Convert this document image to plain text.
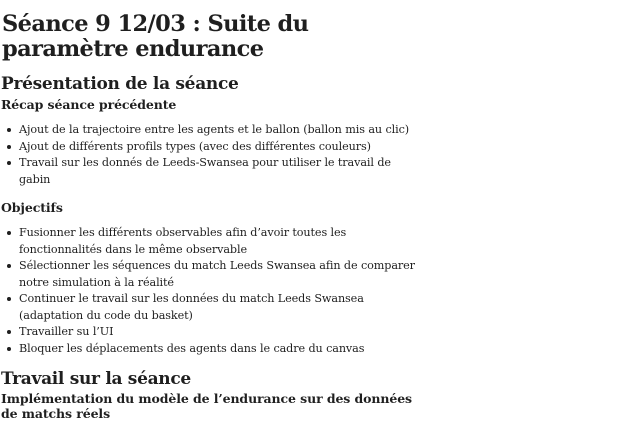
Séance 9 12/03 : Suite du paramètre endurance
Présentation de la séance
Récap séance précédente
Ajout de la trajectoire entre les agents et le ballon (ballon mis au clic)
Ajout de différents profils types (avec des différentes couleurs)
Travail sur les donnés de Leeds-Swansea pour utiliser le travail de gabin
Objectifs
Fusionner les différents observables afin d’avoir toutes les fonctionnalités dans le même observable
Sélectionner les séquences du match Leeds Swansea afin de comparer notre simulation à la réalité
Continuer le travail sur les données du match Leeds Swansea (adaptation du code du basket)
Travailler su l’UI
Bloquer les déplacements des agents dans le cadre du canvas
Travail sur la séance
Implémentation du modèle de l’endurance sur des données de matchs réels
